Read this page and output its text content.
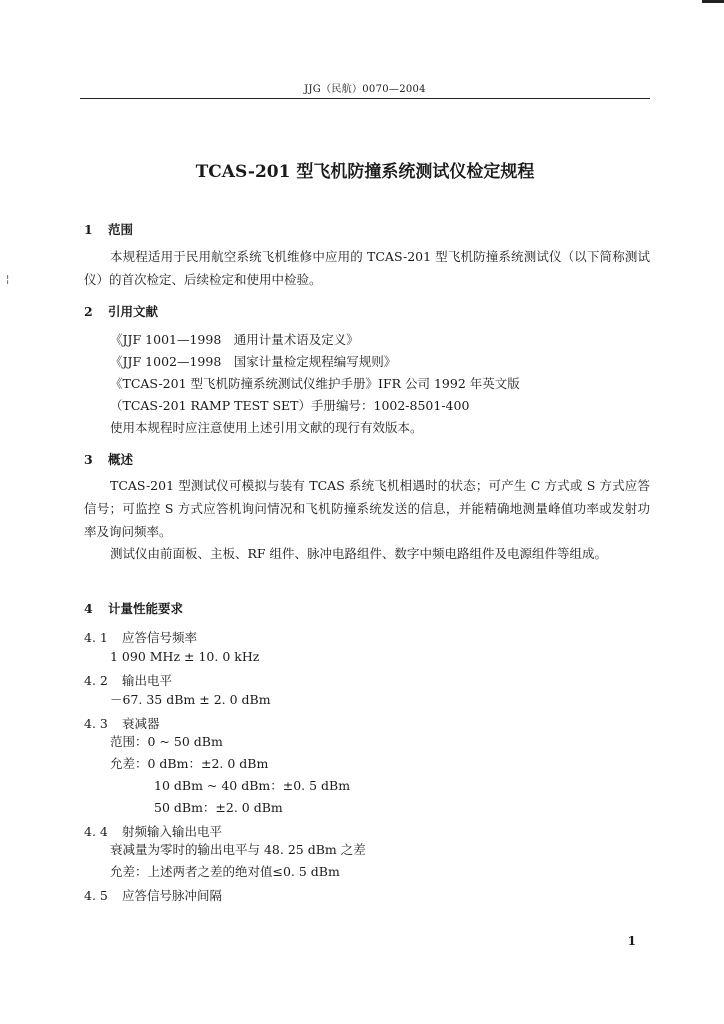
¦
JJG（民航）0070—2004
TCAS-201 型飞机防撞系统测试仪检定规程
1 范围
本规程适用于民用航空系统飞机维修中应用的 TCAS-201 型飞机防撞系统测试仪（以下简称测试仪）的首次检定、后续检定和使用中检验。
2 引用文献
《JJF 1001—1998　通用计量术语及定义》
《JJF 1002—1998　国家计量检定规程编写规则》
《TCAS-201 型飞机防撞系统测试仪维护手册》IFR 公司 1992 年英文版
（TCAS-201 RAMP TEST SET）手册编号：1002-8501-400
使用本规程时应注意使用上述引用文献的现行有效版本。
3 概述
TCAS-201 型测试仪可模拟与装有 TCAS 系统飞机相遇时的状态；可产生 C 方式或 S 方式应答信号；可监控 S 方式应答机询问情况和飞机防撞系统发送的信息，并能精确地测量峰值功率或发射功率及询问频率。
测试仪由前面板、主板、RF 组件、脉冲电路组件、数字中频电路组件及电源组件等组成。
4 计量性能要求
4. 1 应答信号频率
1 090 MHz ± 10. 0 kHz
4. 2 输出电平
－67. 35 dBm ± 2. 0 dBm
4. 3 衰减器
范围：0 ~ 50 dBm
允差：0 dBm：±2. 0 dBm
10 dBm ~ 40 dBm：±0. 5 dBm
50 dBm：±2. 0 dBm
4. 4 射频输入输出电平
衰减量为零时的输出电平与 48. 25 dBm 之差
允差：上述两者之差的绝对值≤0. 5 dBm
4. 5 应答信号脉冲间隔
1
